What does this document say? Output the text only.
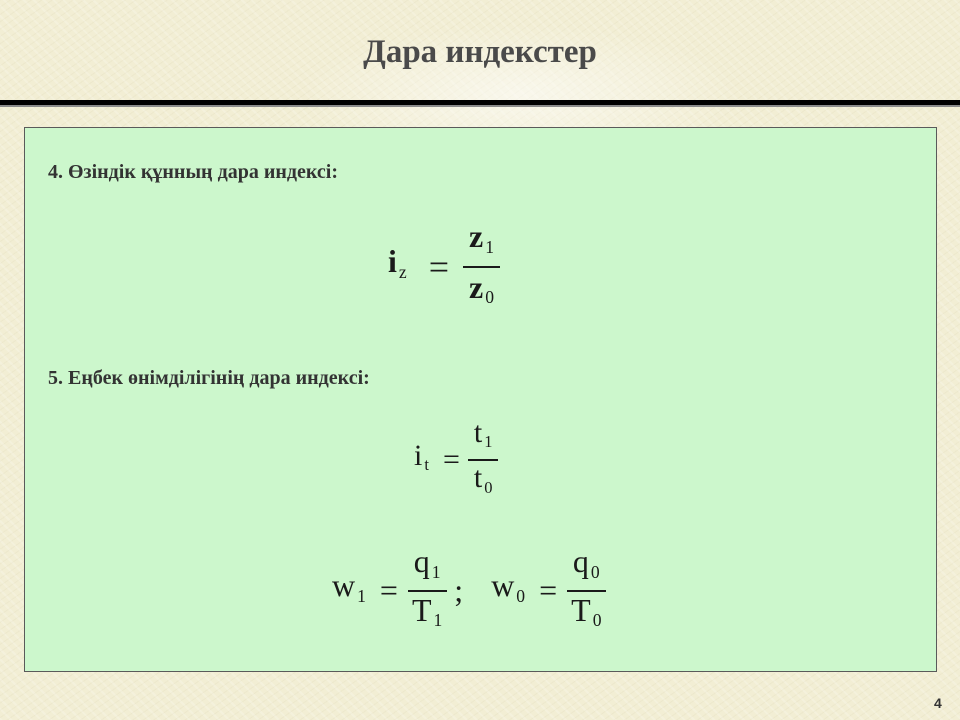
Дара индекстер
4. Өзіндік құнның дара индексі:
i $_z = \frac{z _1}{z _0}$
5. Еңбек өнімділігінің дара индексі:
i $_t = \frac{t _1}{t _0}$
w $_1 = \frac{q _1}{T _1}$ ; w $_0 = \frac{q _0}{T _0}$
4
